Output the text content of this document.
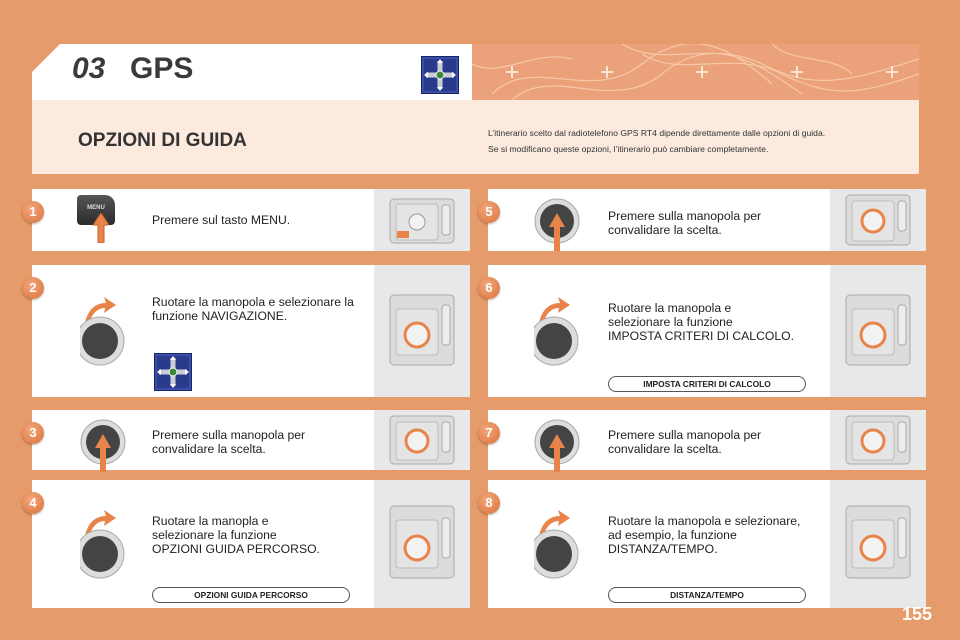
03 GPS
OPZIONI DI GUIDA	L’itinerario scelto dal radiotelefono GPS RT4 dipende direttamente dalle opzioni di guida.

Se si modificano queste opzioni, l’itinerario può cambiare completamente.

1	MENU
Premere sul tasto MENU.
2
Ruotare la manopola e selezionare la
funzione NAVIGAZIONE.
3	Premere sulla manopola per
convalidare la scelta.
4
Ruotare la manopla e
selezionare la funzione
OPZIONI GUIDA PERCORSO.
OPZIONI GUIDA PERCORSO
5	Premere sulla manopola per
convalidare la scelta.
6
Ruotare la manopola e
selezionare la funzione
IMPOSTA CRITERI DI CALCOLO.
IMPOSTA CRITERI DI CALCOLO
7	Premere sulla manopola per
convalidare la scelta.
8
Ruotare la manopola e selezionare,
ad esempio, la funzione
DISTANZA/TEMPO.
DISTANZA/TEMPO
155
